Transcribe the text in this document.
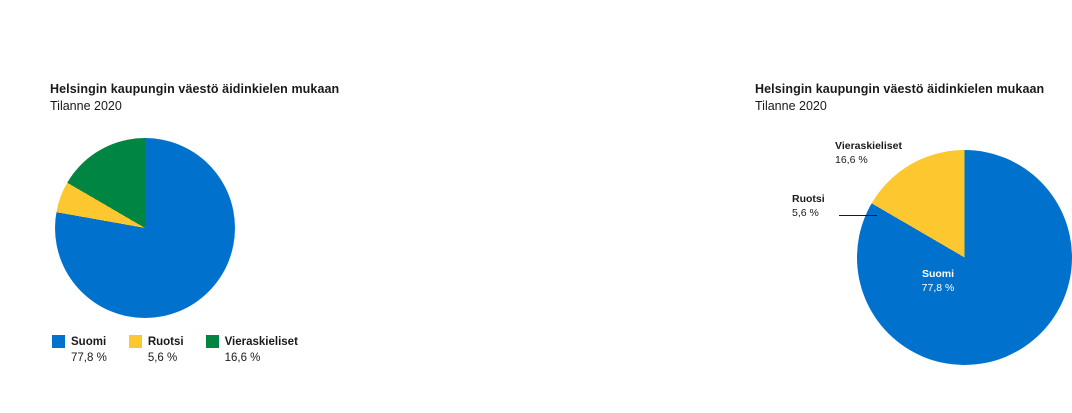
Helsingin kaupungin väestö äidinkielen mukaan
Tilanne 2020
Suomi
77,8 %
Ruotsi
5,6 %
Vieraskieliset
16,6 %
Helsingin kaupungin väestö äidinkielen mukaan
Tilanne 2020
Vieraskieliset
16,6 %
Ruotsi
5,6 %
Suomi
77,8 %
